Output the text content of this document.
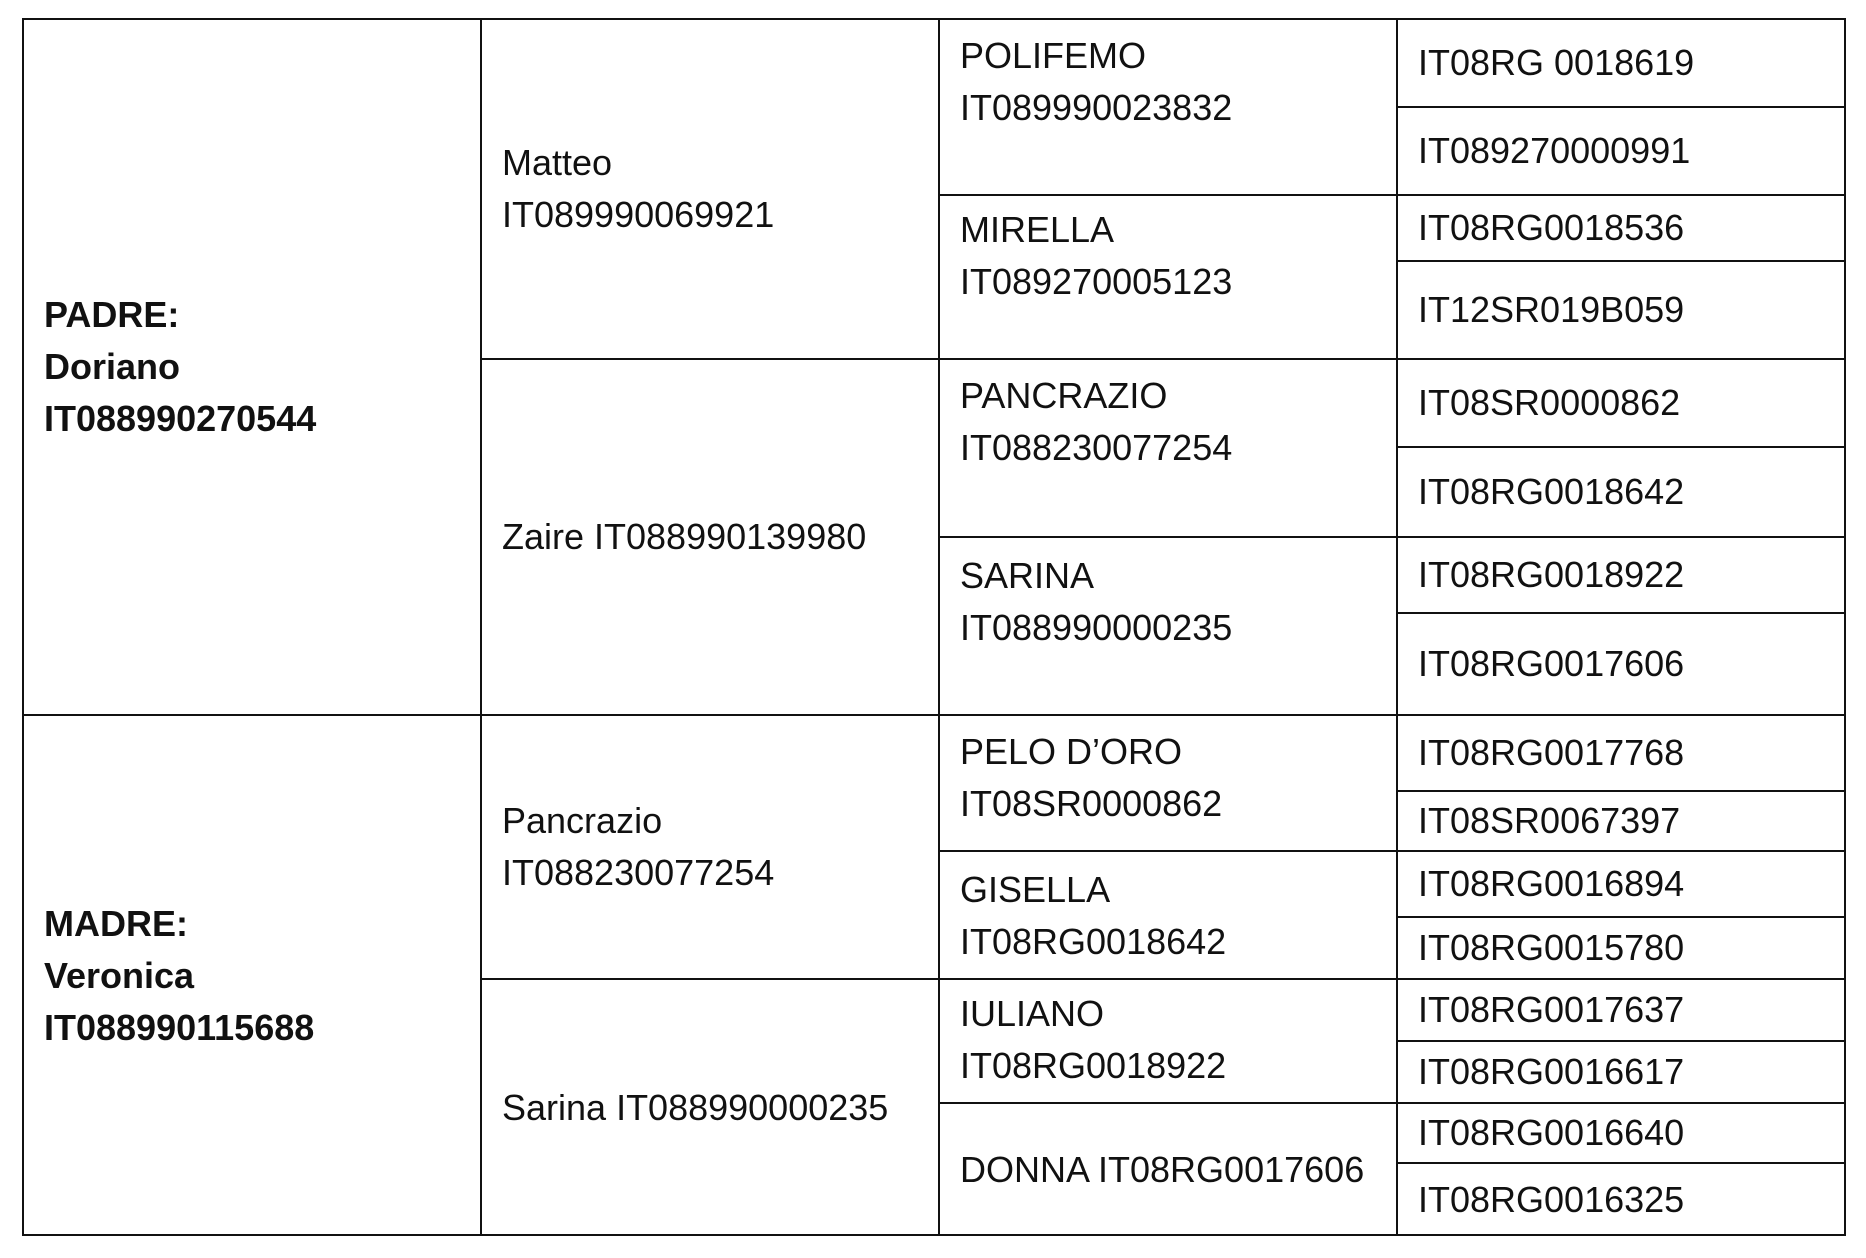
PADRE:
Doriano
IT088990270544
MADRE:
Veronica
IT088990115688
Matteo
IT089990069921
Zaire IT088990139980
Pancrazio
IT088230077254
Sarina IT088990000235
POLIFEMO
IT089990023832
MIRELLA
IT089270005123
PANCRAZIO
IT088230077254
SARINA
IT088990000235
PELO D’ORO
IT08SR0000862
GISELLA
IT08RG0018642
IULIANO
IT08RG0018922
DONNA IT08RG0017606
IT08RG 0018619
IT089270000991
IT08RG0018536
IT12SR019B059
IT08SR0000862
IT08RG0018642
IT08RG0018922
IT08RG0017606
IT08RG0017768
IT08SR0067397
IT08RG0016894
IT08RG0015780
IT08RG0017637
IT08RG0016617
IT08RG0016640
IT08RG0016325
